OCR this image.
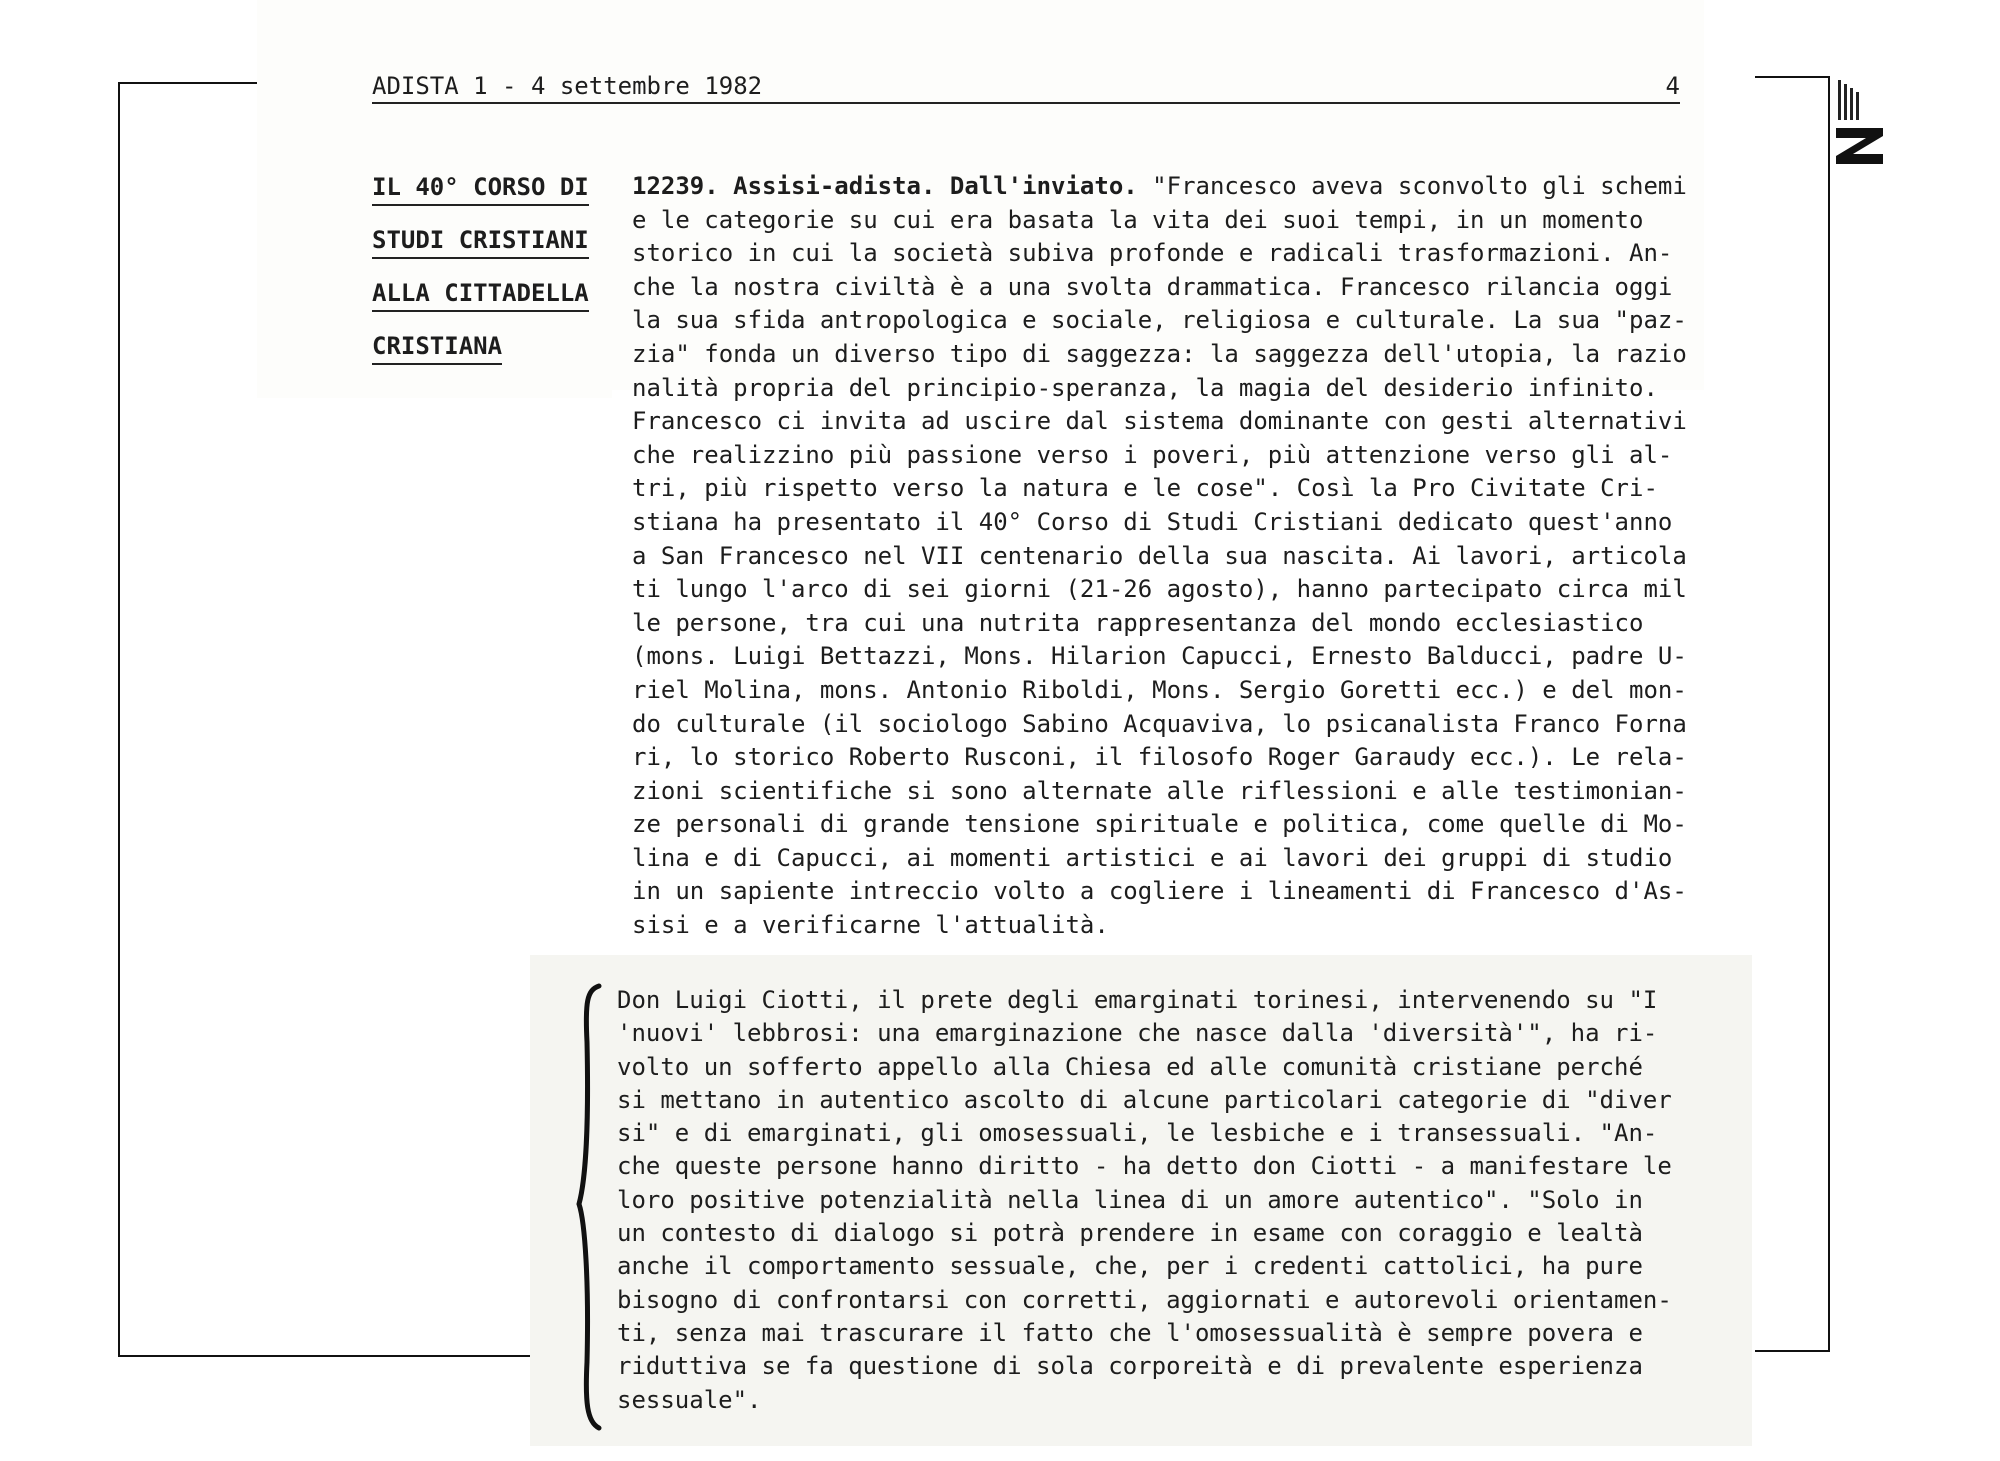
ADISTA 1 - 4 settembre 1982	4
IL 40° CORSO DI
STUDI CRISTIANI
ALLA CITTADELLA
CRISTIANA
12239. Assisi-adista. Dall'inviato. "Francesco aveva sconvolto gli schemi
e le categorie su cui era basata la vita dei suoi tempi, in un momento
storico in cui la società subiva profonde e radicali trasformazioni. An-
che la nostra civiltà è a una svolta drammatica. Francesco rilancia oggi
la sua sfida antropologica e sociale, religiosa e culturale. La sua "paz-
zia" fonda un diverso tipo di saggezza: la saggezza dell'utopia, la razio
nalità propria del principio-speranza, la magia del desiderio infinito.
Francesco ci invita ad uscire dal sistema dominante con gesti alternativi
che realizzino più passione verso i poveri, più attenzione verso gli al-
tri, più rispetto verso la natura e le cose". Così la Pro Civitate Cri-
stiana ha presentato il 40° Corso di Studi Cristiani dedicato quest'anno
a San Francesco nel VII centenario della sua nascita. Ai lavori, articola
ti lungo l'arco di sei giorni (21-26 agosto), hanno partecipato circa mil
le persone, tra cui una nutrita rappresentanza del mondo ecclesiastico
(mons. Luigi Bettazzi, Mons. Hilarion Capucci, Ernesto Balducci, padre U-
riel Molina, mons. Antonio Riboldi, Mons. Sergio Goretti ecc.) e del mon-
do culturale (il sociologo Sabino Acquaviva, lo psicanalista Franco Forna
ri, lo storico Roberto Rusconi, il filosofo Roger Garaudy ecc.). Le rela-
zioni scientifiche si sono alternate alle riflessioni e alle testimonian-
ze personali di grande tensione spirituale e politica, come quelle di Mo-
lina e di Capucci, ai momenti artistici e ai lavori dei gruppi di studio
in un sapiente intreccio volto a cogliere i lineamenti di Francesco d'As-
sisi e a verificarne l'attualità.
Don Luigi Ciotti, il prete degli emarginati torinesi, intervenendo su "I
'nuovi' lebbrosi: una emarginazione che nasce dalla 'diversità'", ha ri-
volto un sofferto appello alla Chiesa ed alle comunità cristiane perché
si mettano in autentico ascolto di alcune particolari categorie di "diver
si" e di emarginati, gli omosessuali, le lesbiche e i transessuali. "An-
che queste persone hanno diritto - ha detto don Ciotti - a manifestare le
loro positive potenzialità nella linea di un amore autentico". "Solo in
un contesto di dialogo si potrà prendere in esame con coraggio e lealtà
anche il comportamento sessuale, che, per i credenti cattolici, ha pure
bisogno di confrontarsi con corretti, aggiornati e autorevoli orientamen-
ti, senza mai trascurare il fatto che l'omosessualità è sempre povera e
riduttiva se fa questione di sola corporeità e di prevalente esperienza
sessuale".
